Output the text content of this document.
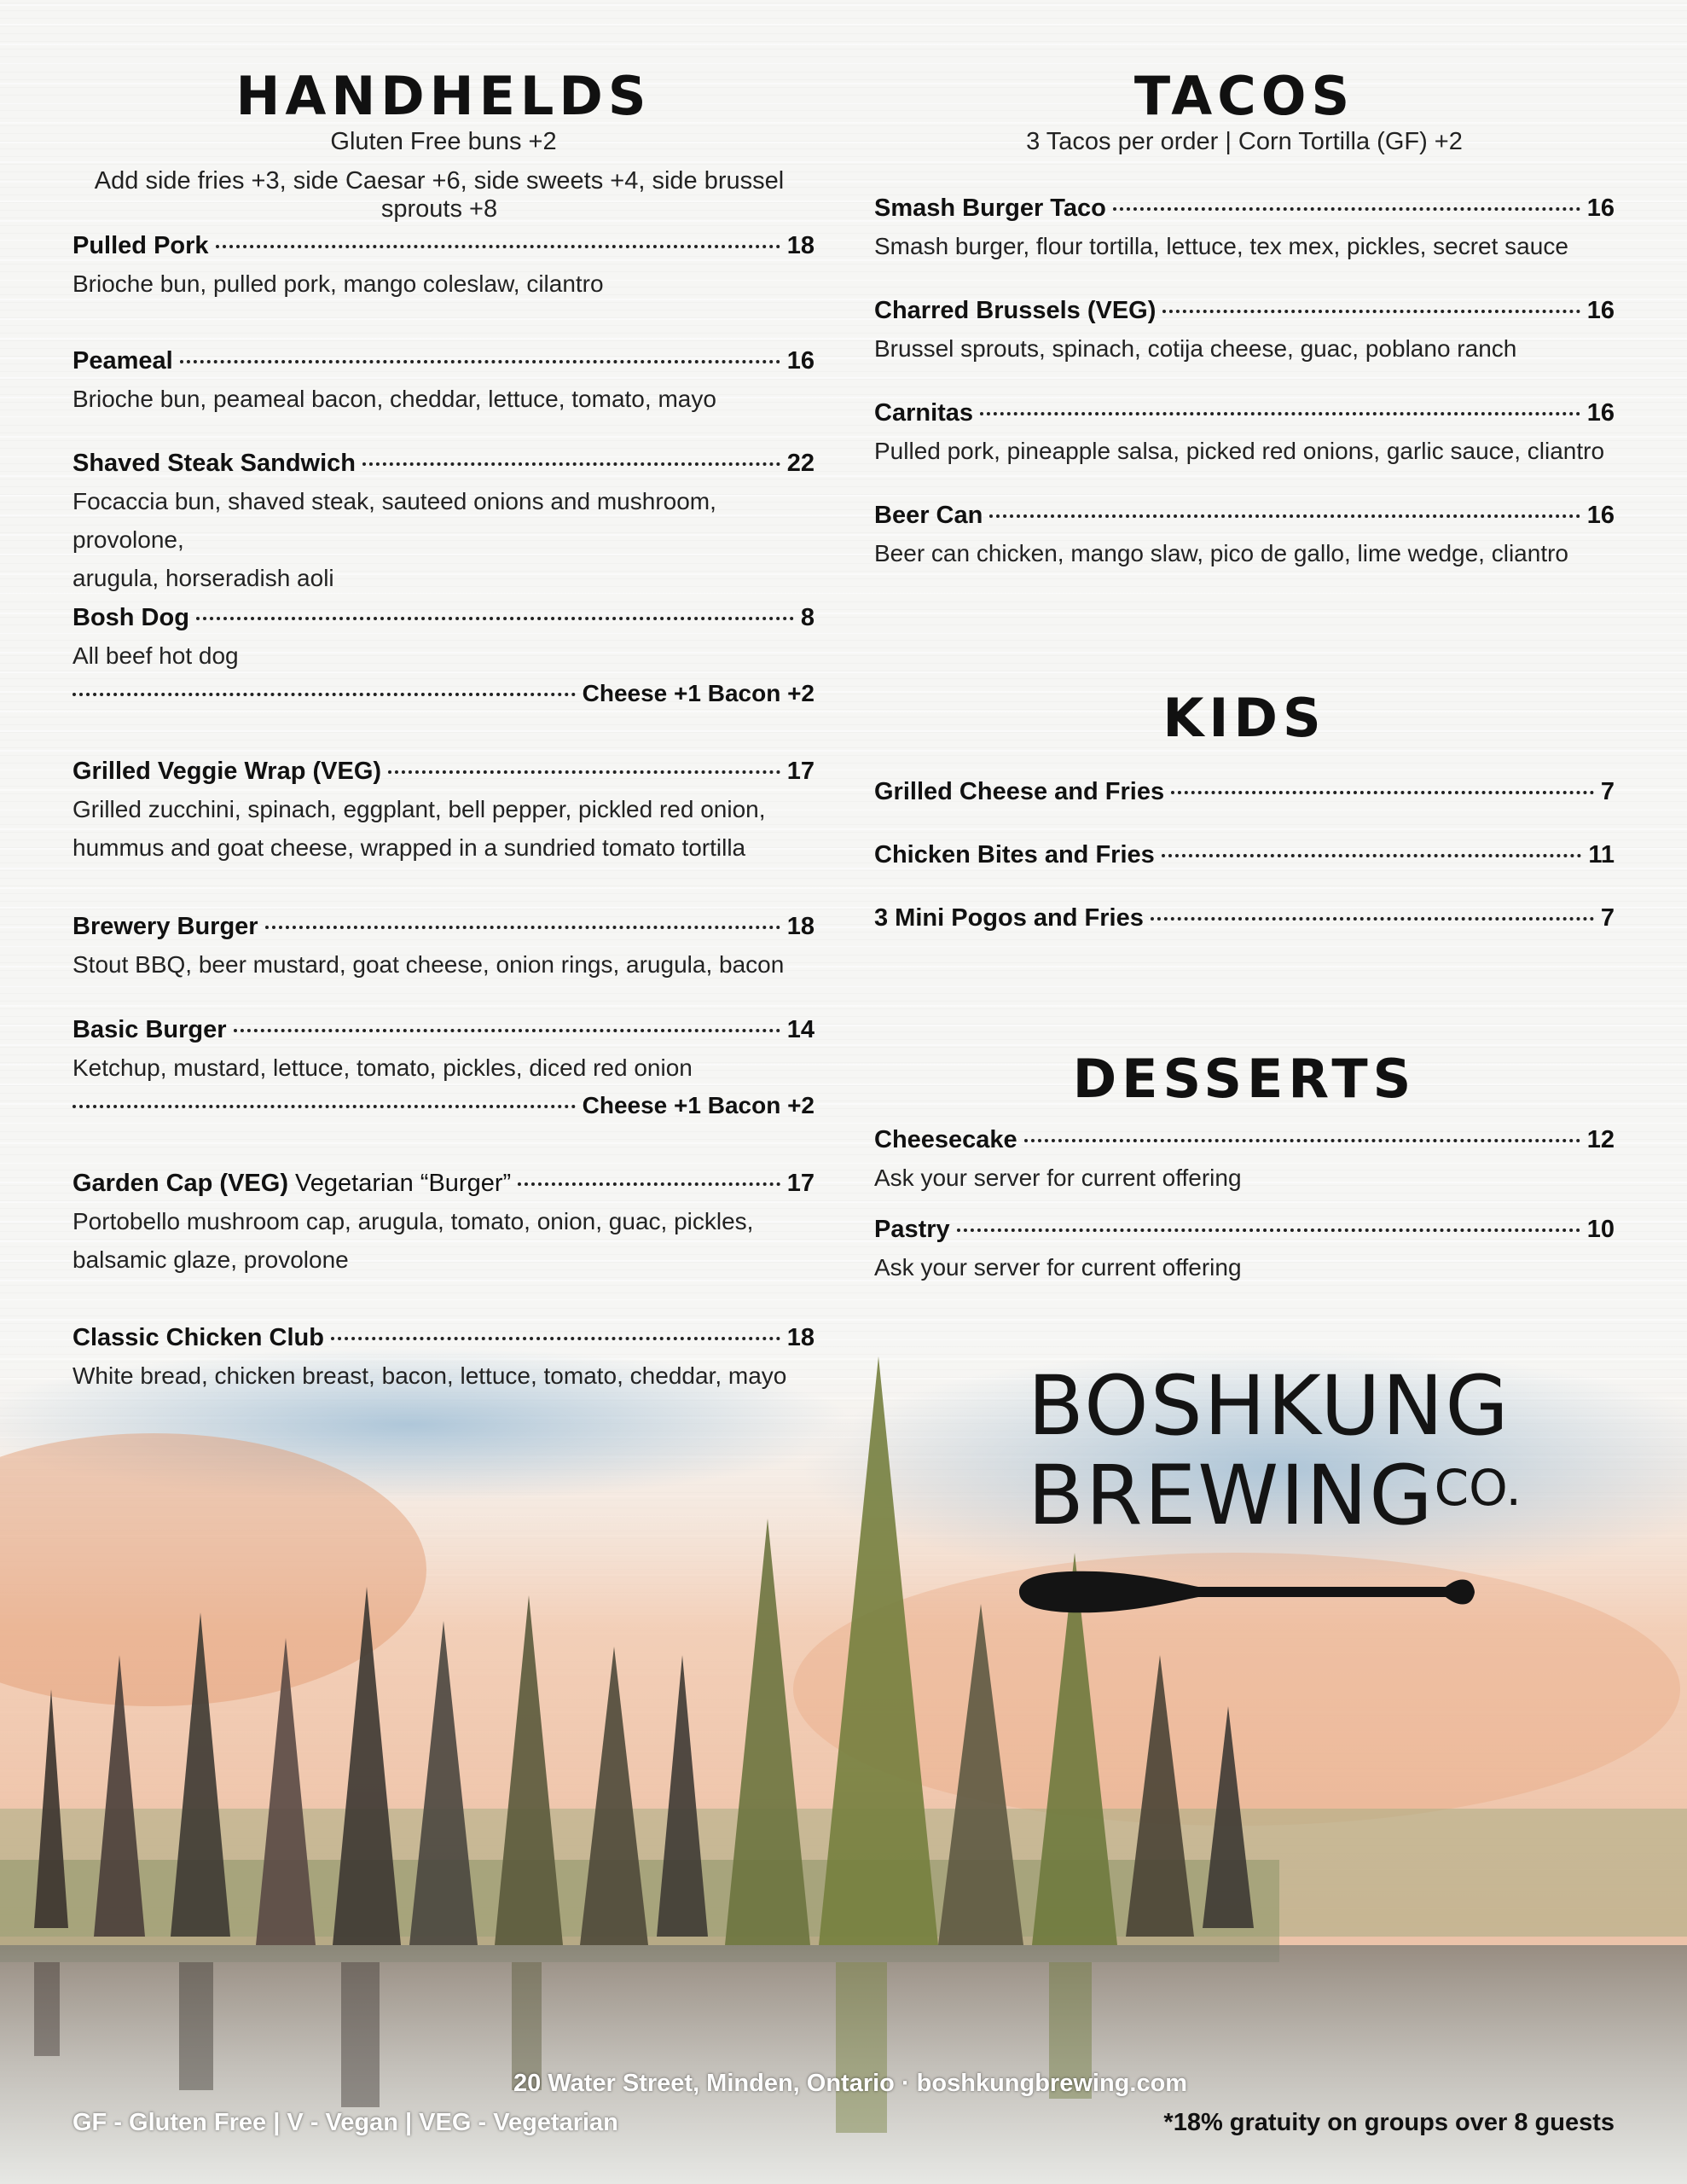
HANDHELDS
Gluten Free buns +2
Add side fries +3, side Caesar +6, side sweets +4, side brussel sprouts +8
Pulled Pork	18
Brioche bun, pulled pork, mango coleslaw, cilantro
Peameal	16
Brioche bun, peameal bacon, cheddar, lettuce, tomato, mayo
Shaved Steak Sandwich	22
Focaccia bun, shaved steak, sauteed onions and mushroom, provolone,
arugula, horseradish aoli
Bosh Dog	8
All beef hot dog
Cheese +1 Bacon +2
Grilled Veggie Wrap (VEG)	17
Grilled zucchini, spinach, eggplant, bell pepper, pickled red onion,
hummus and goat cheese, wrapped in a sundried tomato tortilla
Brewery Burger	18
Stout BBQ, beer mustard, goat cheese, onion rings, arugula, bacon
Basic Burger	14
Ketchup, mustard, lettuce, tomato, pickles, diced red onion
Cheese +1 Bacon +2
Garden Cap (VEG) Vegetarian “Burger”	17
Portobello mushroom cap, arugula, tomato, onion, guac, pickles,
balsamic glaze, provolone
Classic Chicken Club	18
White bread, chicken breast, bacon, lettuce, tomato, cheddar, mayo
TACOS
3 Tacos per order | Corn Tortilla (GF) +2
Smash Burger Taco	16
Smash burger, flour tortilla, lettuce, tex mex, pickles, secret sauce
Charred Brussels (VEG)	16
Brussel sprouts, spinach, cotija cheese, guac, poblano ranch
Carnitas	16
Pulled pork, pineapple salsa, picked red onions, garlic sauce, cliantro
Beer Can	16
Beer can chicken, mango slaw, pico de gallo, lime wedge, cliantro
KIDS
Grilled Cheese and Fries	7
Chicken Bites and Fries	11
3 Mini Pogos and Fries	7
DESSERTS
Cheesecake	12
Ask your server for current offering
Pastry	10
Ask your server for current offering
BOSHKUNG
$BREWING^{CO.}$
20 Water Street, Minden, Ontario · boshkungbrewing.com
GF - Gluten Free | V - Vegan | VEG - Vegetarian	*18% gratuity on groups over 8 guests
